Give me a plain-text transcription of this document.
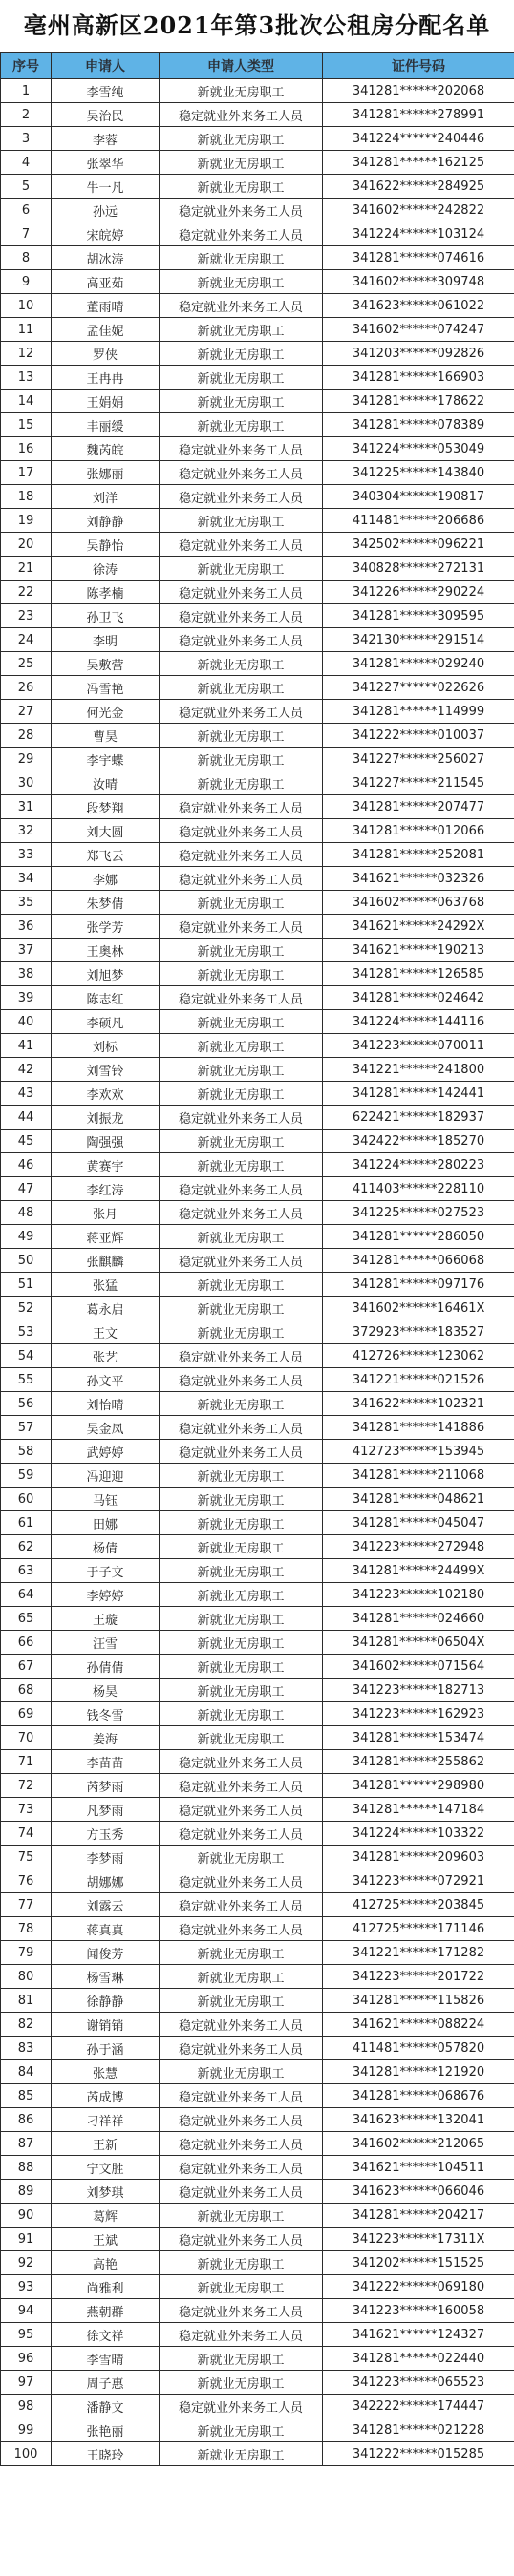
亳州高新区2021年第3批次公租房分配名单
序号	申请人	申请人类型	证件号码
1	李雪纯	新就业无房职工	341281******202068
2	吴治民	稳定就业外来务工人员	341281******278991
3	李蓉	新就业无房职工	341224******240446
4	张翠华	新就业无房职工	341281******162125
5	牛一凡	新就业无房职工	341622******284925
6	孙远	稳定就业外来务工人员	341602******242822
7	宋皖婷	稳定就业外来务工人员	341224******103124
8	胡冰涛	新就业无房职工	341281******074616
9	高亚茹	新就业无房职工	341602******309748
10	董雨晴	稳定就业外来务工人员	341623******061022
11	孟佳妮	新就业无房职工	341602******074247
12	罗侠	新就业无房职工	341203******092826
13	王冉冉	新就业无房职工	341281******166903
14	王娟娟	新就业无房职工	341281******178622
15	丰丽缓	新就业无房职工	341281******078389
16	魏芮皖	稳定就业外来务工人员	341224******053049
17	张娜丽	稳定就业外来务工人员	341225******143840
18	刘洋	稳定就业外来务工人员	340304******190817
19	刘静静	新就业无房职工	411481******206686
20	吴静怡	稳定就业外来务工人员	342502******096221
21	徐涛	新就业无房职工	340828******272131
22	陈孝楠	稳定就业外来务工人员	341226******290224
23	孙卫飞	稳定就业外来务工人员	341281******309595
24	李明	稳定就业外来务工人员	342130******291514
25	吴敷营	新就业无房职工	341281******029240
26	冯雪艳	新就业无房职工	341227******022626
27	何光金	稳定就业外来务工人员	341281******114999
28	曹昊	新就业无房职工	341222******010037
29	李宇蝶	新就业无房职工	341227******256027
30	汝晴	新就业无房职工	341227******211545
31	段梦翔	稳定就业外来务工人员	341281******207477
32	刘大圆	稳定就业外来务工人员	341281******012066
33	郑飞云	稳定就业外来务工人员	341281******252081
34	李娜	稳定就业外来务工人员	341621******032326
35	朱梦倩	新就业无房职工	341602******063768
36	张学芳	稳定就业外来务工人员	341621******24292X
37	王奥林	新就业无房职工	341621******190213
38	刘旭梦	新就业无房职工	341281******126585
39	陈志红	稳定就业外来务工人员	341281******024642
40	李硕凡	新就业无房职工	341224******144116
41	刘标	新就业无房职工	341223******070011
42	刘雪铃	新就业无房职工	341221******241800
43	李欢欢	新就业无房职工	341281******142441
44	刘振龙	稳定就业外来务工人员	622421******182937
45	陶强强	新就业无房职工	342422******185270
46	黄赛宇	新就业无房职工	341224******280223
47	李红涛	稳定就业外来务工人员	411403******228110
48	张月	稳定就业外来务工人员	341225******027523
49	蒋亚辉	新就业无房职工	341281******286050
50	张麒麟	稳定就业外来务工人员	341281******066068
51	张猛	新就业无房职工	341281******097176
52	葛永启	新就业无房职工	341602******16461X
53	王文	新就业无房职工	372923******183527
54	张艺	稳定就业外来务工人员	412726******123062
55	孙文平	稳定就业外来务工人员	341221******021526
56	刘怡晴	新就业无房职工	341622******102321
57	吴金凤	稳定就业外来务工人员	341281******141886
58	武婷婷	稳定就业外来务工人员	412723******153945
59	冯迎迎	新就业无房职工	341281******211068
60	马钰	新就业无房职工	341281******048621
61	田娜	新就业无房职工	341281******045047
62	杨倩	新就业无房职工	341223******272948
63	于子文	新就业无房职工	341281******24499X
64	李婷婷	新就业无房职工	341223******102180
65	王璇	新就业无房职工	341281******024660
66	汪雪	新就业无房职工	341281******06504X
67	孙倩倩	新就业无房职工	341602******071564
68	杨昊	新就业无房职工	341223******182713
69	钱冬雪	新就业无房职工	341223******162923
70	姜海	新就业无房职工	341281******153474
71	李苗苗	稳定就业外来务工人员	341281******255862
72	芮梦雨	稳定就业外来务工人员	341281******298980
73	凡梦雨	稳定就业外来务工人员	341281******147184
74	方玉秀	稳定就业外来务工人员	341224******103322
75	李梦雨	新就业无房职工	341281******209603
76	胡娜娜	稳定就业外来务工人员	341223******072921
77	刘露云	稳定就业外来务工人员	412725******203845
78	蒋真真	稳定就业外来务工人员	412725******171146
79	闻俊芳	新就业无房职工	341221******171282
80	杨雪琳	新就业无房职工	341223******201722
81	徐静静	新就业无房职工	341281******115826
82	谢销销	稳定就业外来务工人员	341621******088224
83	孙于涵	稳定就业外来务工人员	411481******057820
84	张慧	新就业无房职工	341281******121920
85	芮成博	稳定就业外来务工人员	341281******068676
86	刁祥祥	稳定就业外来务工人员	341623******132041
87	王新	稳定就业外来务工人员	341602******212065
88	宁文胜	稳定就业外来务工人员	341621******104511
89	刘梦琪	稳定就业外来务工人员	341623******066046
90	葛辉	新就业无房职工	341281******204217
91	王斌	稳定就业外来务工人员	341223******17311X
92	高艳	新就业无房职工	341202******151525
93	尚雅利	新就业无房职工	341222******069180
94	燕朝群	稳定就业外来务工人员	341223******160058
95	徐文祥	稳定就业外来务工人员	341621******124327
96	李雪晴	新就业无房职工	341281******022440
97	周子惠	新就业无房职工	341223******065523
98	潘静文	稳定就业外来务工人员	342222******174447
99	张艳丽	新就业无房职工	341281******021228
100	王晓玲	新就业无房职工	341222******015285
